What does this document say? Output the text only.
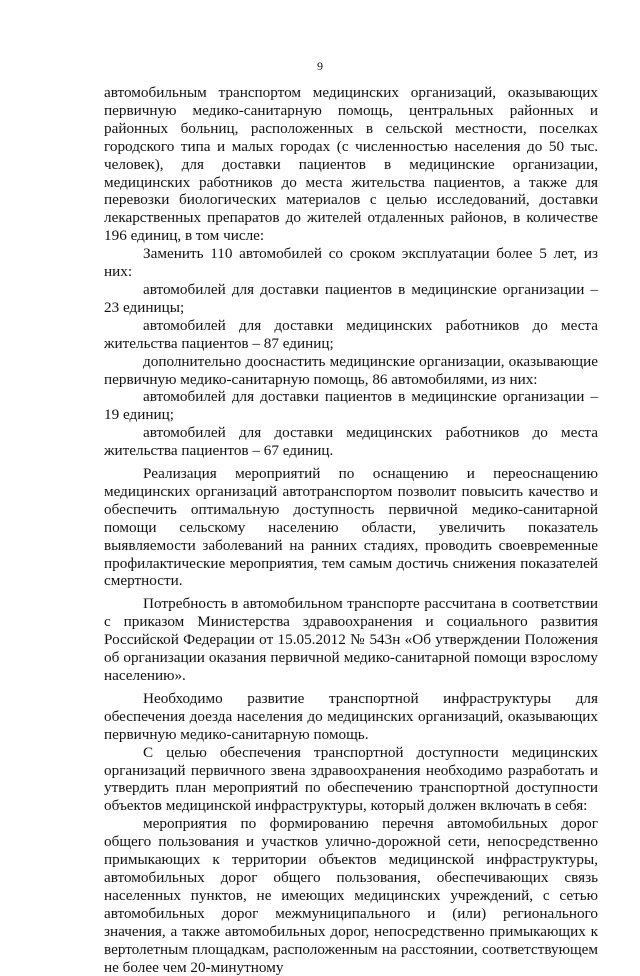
9

автомобильным транспортом медицинских организаций, оказывающих первичную медико-санитарную помощь, центральных районных и районных больниц, расположенных в сельской местности, поселках городского типа и малых городах (с численностью населения до 50 тыс. человек), для доставки пациентов в медицинские организации, медицинских работников до места жительства пациентов, а также для перевозки биологических материалов с целью исследований, доставки лекарственных препаратов до жителей отдаленных районов, в количестве 196 единиц, в том числе:

Заменить 110 автомобилей со сроком эксплуатации более 5 лет, из них:

автомобилей для доставки пациентов в медицинские организации – 23 единицы;

автомобилей для доставки медицинских работников до места жительства пациентов – 87 единиц;

дополнительно дооснастить медицинские организации, оказывающие первичную медико-санитарную помощь, 86 автомобилями, из них:

автомобилей для доставки пациентов в медицинские организации – 19 единиц;

автомобилей для доставки медицинских работников до места жительства пациентов – 67 единиц.

Реализация мероприятий по оснащению и переоснащению медицинских организаций автотранспортом позволит повысить качество и обеспечить оптимальную доступность первичной медико-санитарной помощи сельскому населению области, увеличить показатель выявляемости заболеваний на ранних стадиях, проводить своевременные профилактические мероприятия, тем самым достичь снижения показателей смертности.

Потребность в автомобильном транспорте рассчитана в соответствии с приказом Министерства здравоохранения и социального развития Российской Федерации от 15.05.2012 № 543н «Об утверждении Положения об организации оказания первичной медико-санитарной помощи взрослому населению».

Необходимо развитие транспортной инфраструктуры для обеспечения доезда населения до медицинских организаций, оказывающих первичную медико-санитарную помощь.

С целью обеспечения транспортной доступности медицинских организаций первичного звена здравоохранения необходимо разработать и утвердить план мероприятий по обеспечению транспортной доступности объектов медицинской инфраструктуры, который должен включать в себя:

мероприятия по формированию перечня автомобильных дорог общего пользования и участков улично-дорожной сети, непосредственно примыкающих к территории объектов медицинской инфраструктуры, автомобильных дорог общего пользования, обеспечивающих связь населенных пунктов, не имеющих медицинских учреждений, с сетью автомобильных дорог межмуниципального и (или) регионального значения, а также автомобильных дорог, непосредственно примыкающих к вертолетным площадкам, расположенным на расстоянии, соответствующем не более чем 20-минутному
